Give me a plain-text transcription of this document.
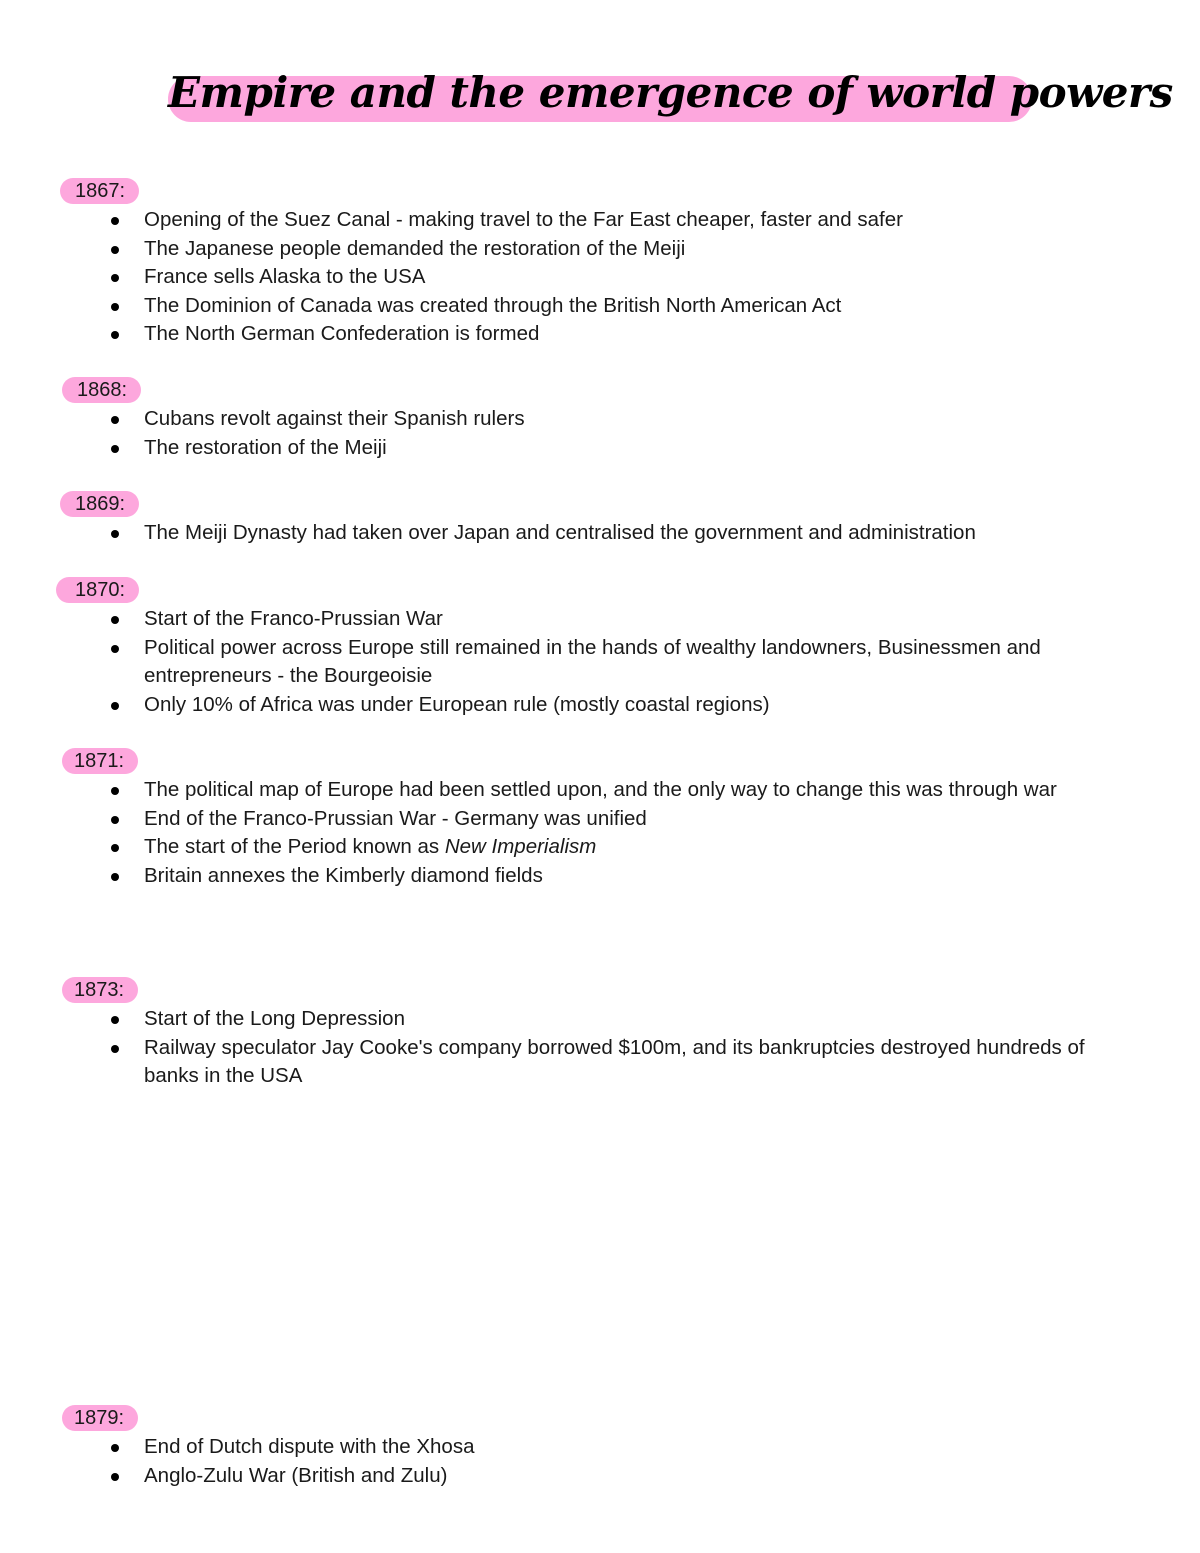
Empire and the emergence of world powers
1867:
Opening of the Suez Canal - making travel to the Far East cheaper, faster and safer
The Japanese people demanded the restoration of the Meiji
France sells Alaska to the USA
The Dominion of Canada was created through the British North American Act
The North German Confederation is formed
1868:
Cubans revolt against their Spanish rulers
The restoration of the Meiji
1869:
The Meiji Dynasty had taken over Japan and centralised the government and administration
1870:
Start of the Franco-Prussian War
Political power across Europe still remained in the hands of wealthy landowners, Businessmen and entrepreneurs - the Bourgeoisie
Only 10% of Africa was under European rule (mostly coastal regions)
1871:
The political map of Europe had been settled upon, and the only way to change this was through war
End of the Franco-Prussian War - Germany was unified
The start of the Period known as New Imperialism
Britain annexes the Kimberly diamond fields
1873:
Start of the Long Depression
Railway speculator Jay Cooke's company borrowed $100m, and its bankruptcies destroyed hundreds of banks in the USA
1879:
End of Dutch dispute with the Xhosa
Anglo-Zulu War (British and Zulu)
